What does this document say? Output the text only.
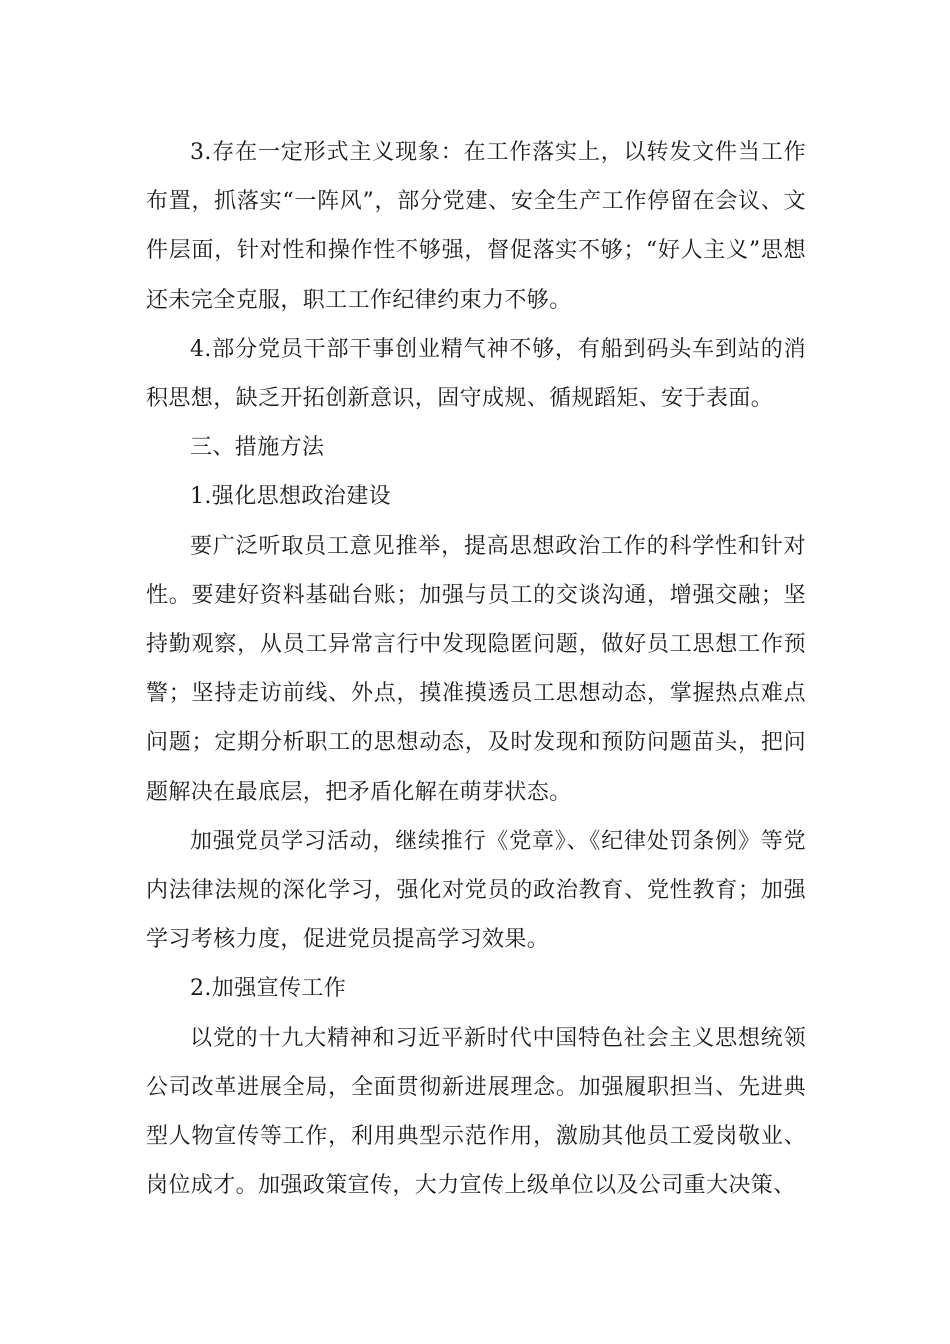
3.存在一定形式主义现象：在工作落实上，以转发文件当工作布置，抓落实“一阵风”，部分党建、安全生产工作停留在会议、文件层面，针对性和操作性不够强，督促落实不够；“好人主义”思想还未完全克服，职工工作纪律约束力不够。

4.部分党员干部干事创业精气神不够，有船到码头车到站的消积思想，缺乏开拓创新意识，固守成规、循规蹈矩、安于表面。

三、措施方法

1.强化思想政治建设

要广泛听取员工意见推举，提高思想政治工作的科学性和针对性。要建好资料基础台账；加强与员工的交谈沟通，增强交融；坚持勤观察，从员工异常言行中发现隐匿问题，做好员工思想工作预警；坚持走访前线、外点，摸准摸透员工思想动态，掌握热点难点问题；定期分析职工的思想动态，及时发现和预防问题苗头，把问题解决在最底层，把矛盾化解在萌芽状态。

加强党员学习活动，继续推行《党章》、《纪律处罚条例》等党内法律法规的深化学习，强化对党员的政治教育、党性教育；加强学习考核力度，促进党员提高学习效果。

2.加强宣传工作

以党的十九大精神和习近平新时代中国特色社会主义思想统领公司改革进展全局，全面贯彻新进展理念。加强履职担当、先进典型人物宣传等工作，利用典型示范作用，激励其他员工爱岗敬业、岗位成才。加强政策宣传，大力宣传上级单位以及公司重大决策、
